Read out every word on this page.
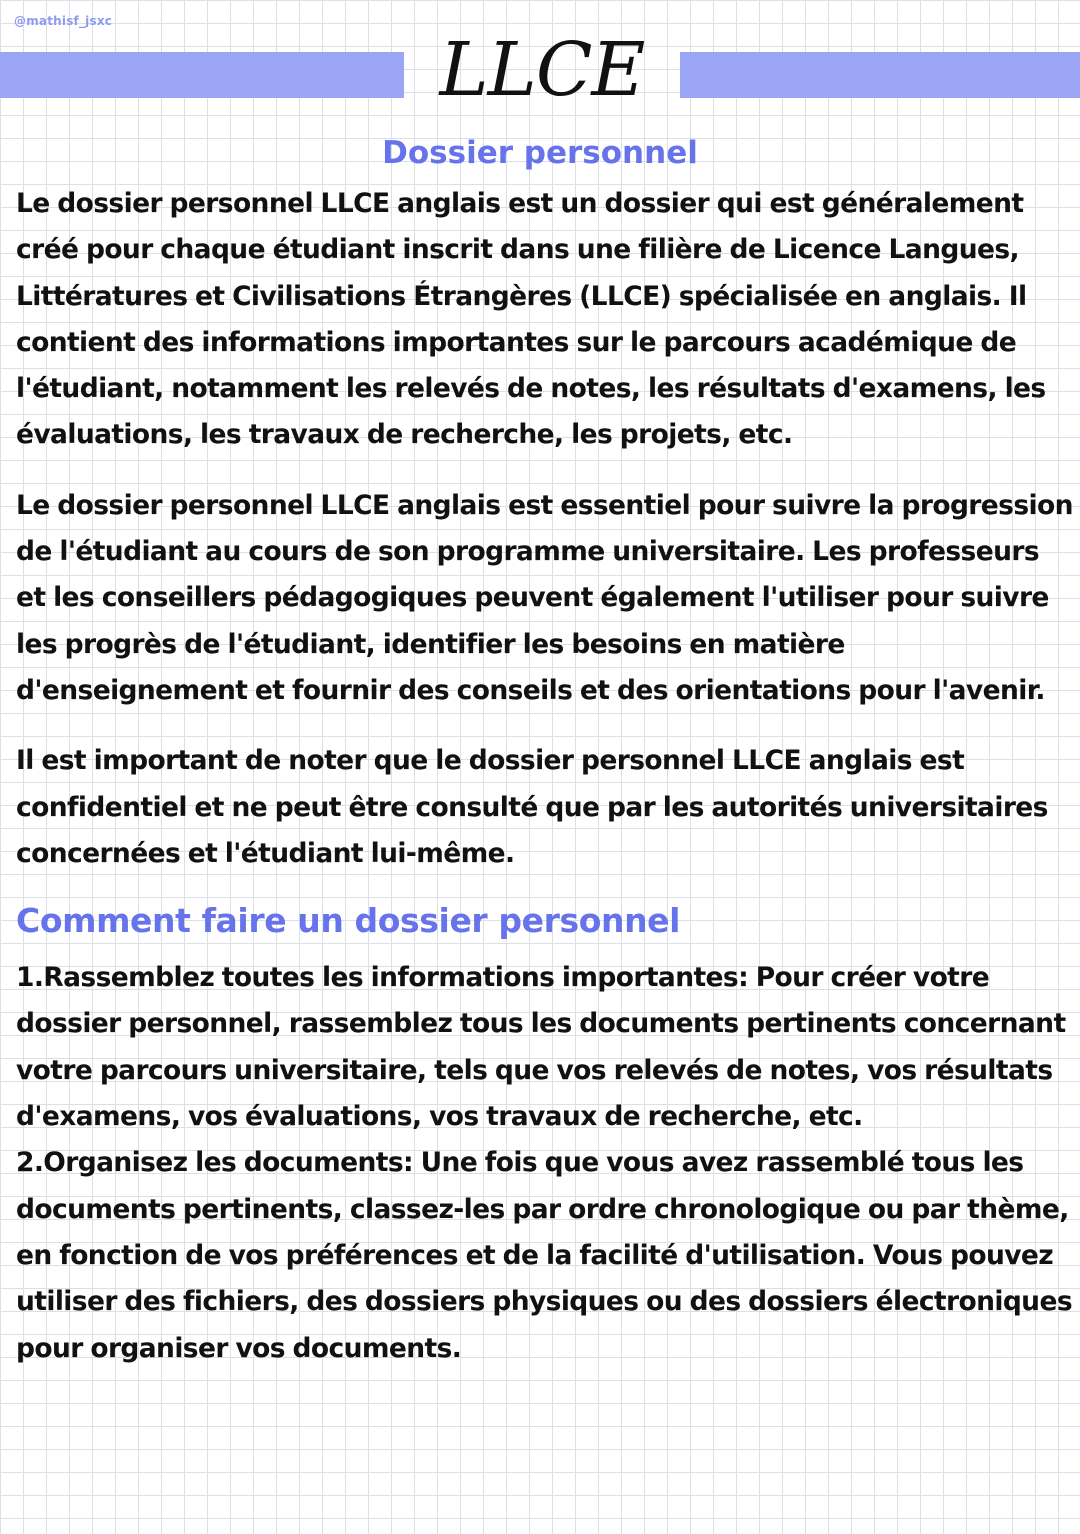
@mathisf_jsxc
LLCE
Dossier personnel

Le dossier personnel LLCE anglais est un dossier qui est généralement créé pour chaque étudiant inscrit dans une filière de Licence Langues, Littératures et Civilisations Étrangères (LLCE) spécialisée en anglais. Il contient des informations importantes sur le parcours académique de l'étudiant, notamment les relevés de notes, les résultats d'examens, les évaluations, les travaux de recherche, les projets, etc.

Le dossier personnel LLCE anglais est essentiel pour suivre la progression de l'étudiant au cours de son programme universitaire. Les professeurs et les conseillers pédagogiques peuvent également l'utiliser pour suivre les progrès de l'étudiant, identifier les besoins en matière d'enseignement et fournir des conseils et des orientations pour l'avenir.

Il est important de noter que le dossier personnel LLCE anglais est confidentiel et ne peut être consulté que par les autorités universitaires concernées et l'étudiant lui-même.

Comment faire un dossier personnel
1.Rassemblez toutes les informations importantes: Pour créer votre dossier personnel, rassemblez tous les documents pertinents concernant votre parcours universitaire, tels que vos relevés de notes, vos résultats d'examens, vos évaluations, vos travaux de recherche, etc.
2.Organisez les documents: Une fois que vous avez rassemblé tous les documents pertinents, classez-les par ordre chronologique ou par thème, en fonction de vos préférences et de la facilité d'utilisation. Vous pouvez utiliser des fichiers, des dossiers physiques ou des dossiers électroniques pour organiser vos documents.
